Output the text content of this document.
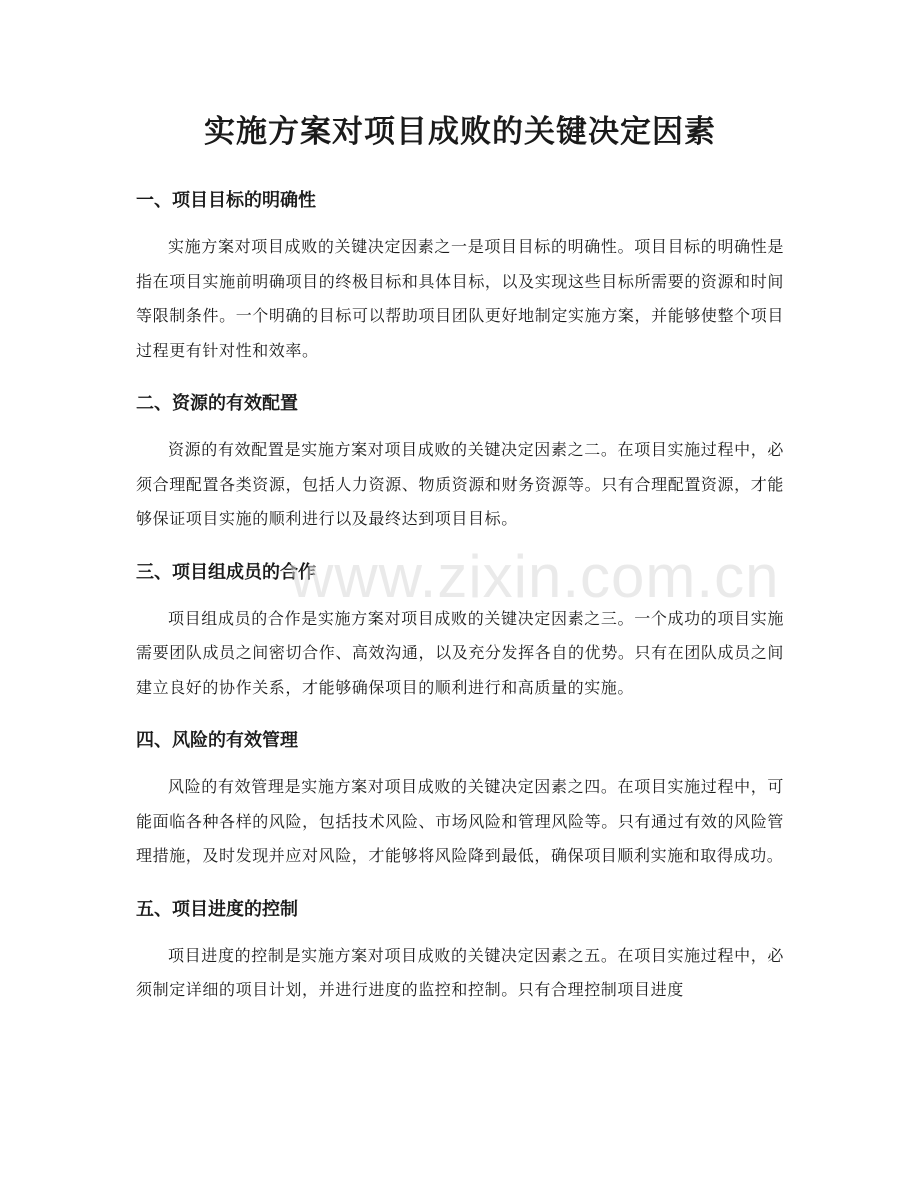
实施方案对项目成败的关键决定因素
一、项目目标的明确性

实施方案对项目成败的关键决定因素之一是项目目标的明确性。项目目标的明确性是指在项目实施前明确项目的终极目标和具体目标，以及实现这些目标所需要的资源和时间等限制条件。一个明确的目标可以帮助项目团队更好地制定实施方案，并能够使整个项目过程更有针对性和效率。

二、资源的有效配置

资源的有效配置是实施方案对项目成败的关键决定因素之二。在项目实施过程中，必须合理配置各类资源，包括人力资源、物质资源和财务资源等。只有合理配置资源，才能够保证项目实施的顺利进行以及最终达到项目目标。

三、项目组成员的合作

项目组成员的合作是实施方案对项目成败的关键决定因素之三。一个成功的项目实施需要团队成员之间密切合作、高效沟通，以及充分发挥各自的优势。只有在团队成员之间建立良好的协作关系，才能够确保项目的顺利进行和高质量的实施。

四、风险的有效管理

风险的有效管理是实施方案对项目成败的关键决定因素之四。在项目实施过程中，可能面临各种各样的风险，包括技术风险、市场风险和管理风险等。只有通过有效的风险管理措施，及时发现并应对风险，才能够将风险降到最低，确保项目顺利实施和取得成功。

五、项目进度的控制

项目进度的控制是实施方案对项目成败的关键决定因素之五。在项目实施过程中，必须制定详细的项目计划，并进行进度的监控和控制。只有合理控制项目进度

www.zixin.com.cn
